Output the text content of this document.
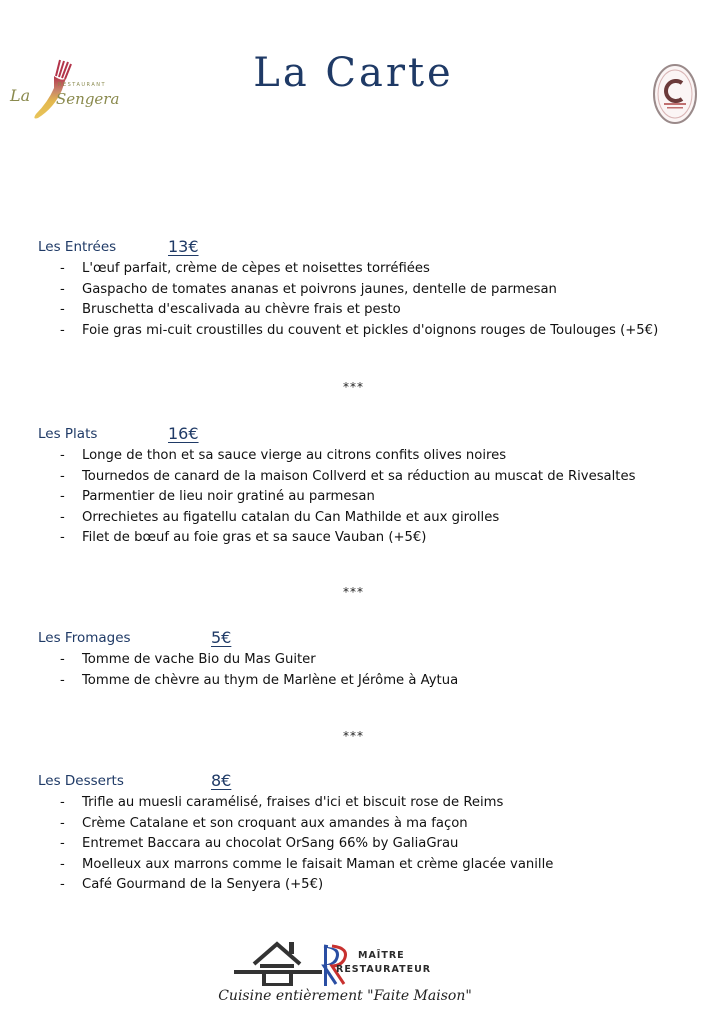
La Sengera
RESTAURANT	La Carte
Les Entrées	13€
- L'œuf parfait, crème de cèpes et noisettes torréfiées
- Gaspacho de tomates ananas et poivrons jaunes, dentelle de parmesan
- Bruschetta d'escalivada au chèvre frais et pesto
- Foie gras mi-cuit croustilles du couvent et pickles d'oignons rouges de Toulouges (+5€)
***
Les Plats	16€
- Longe de thon et sa sauce vierge au citrons confits olives noires
- Tournedos de canard de la maison Collverd et sa réduction au muscat de Rivesaltes
- Parmentier de lieu noir gratiné au parmesan
- Orrechietes au figatellu catalan du Can Mathilde et aux girolles
- Filet de bœuf au foie gras et sa sauce Vauban (+5€)
***
Les Fromages	5€
- Tomme de vache Bio du Mas Guiter
- Tomme de chèvre au thym de Marlène et Jérôme à Aytua
***
Les Desserts	8€
- Trifle au muesli caramélisé, fraises d'ici et biscuit rose de Reims
- Crème Catalane et son croquant aux amandes à ma façon
- Entremet Baccara au chocolat OrSang 66% by GaliaGrau
- Moelleux aux marrons comme le faisait Maman et crème glacée vanille
- Café Gourmand de la Senyera (+5€)
MAÎTRE
RESTAURATEUR
Cuisine entièrement "Faite Maison"
